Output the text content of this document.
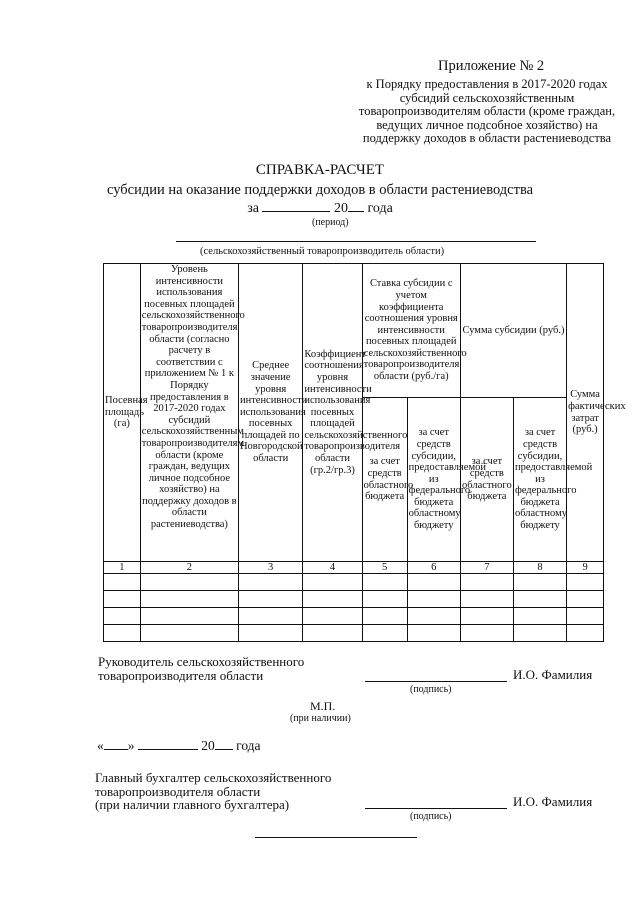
Приложение № 2
к Порядку предоставления в 2017-2020 годах субсидий сельскохозяйственным товаропроизводителям области (кроме граждан, ведущих личное подсобное хозяйство) на поддержку доходов в области растениеводства
СПРАВКА-РАСЧЕТ
субсидии на оказание поддержки доходов в области растениеводства
за	20 года
(период)
(сельскохозяйственный товаропроизводитель области)
Посевная площадь (га)	Уровень интенсивности использования посевных площадей сельскохозяйственного товаропроизводителя области (согласно расчету в соответствии с приложением № 1 к Порядку предоставления в 2017-2020 годах субсидий сельскохозяйственным товаропроизводителям области (кроме граждан, ведущих личное подсобное хозяйство) на поддержку доходов в области растениеводства)	Среднее значение уровня интенсивности использования посевных площадей по Новгородской области	Коэффициент соотношения уровня интенсивности использования посевных площадей сельскохозяйственного товаропроизводителя области (гр.2/гр.3)	Ставка субсидии с учетом коэффициента соотношения уровня интенсивности посевных площадей сельскохозяйственного товаропроизводителя области (руб./га)		Сумма субсидии (руб.)		Сумма фактических затрат (руб.)
				за счет средств областного бюджета	за счет средств субсидии, предоставляемой из федерального бюджета областному бюджету	за счет средств областного бюджета	за счет средств субсидии, предоставляемой из федерального бюджета областному бюджету	
1	2	3	4	5	6	7	8	9

Руководитель сельскохозяйственного
товаропроизводителя области	И.О. Фамилия
(подпись)
М.П.
(при наличии)
« »	20 года
Главный бухгалтер сельскохозяйственного
товаропроизводителя области
(при наличии главного бухгалтера)	И.О. Фамилия
(подпись)
